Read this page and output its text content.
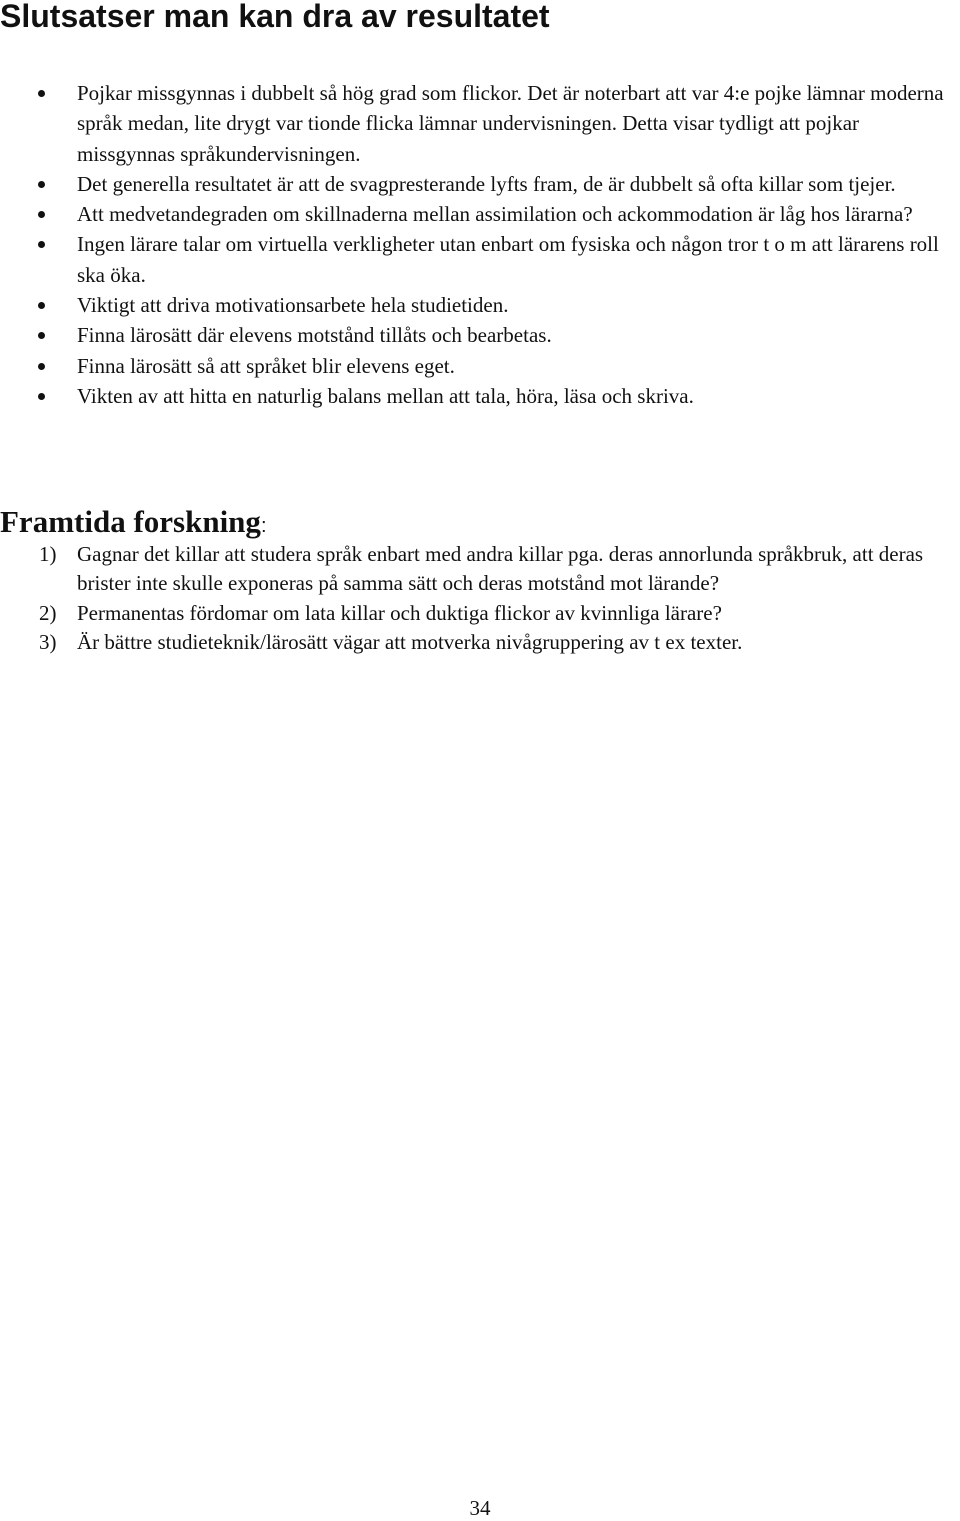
Slutsatser man kan dra av resultatet
Pojkar missgynnas i dubbelt så hög grad som flickor. Det är noterbart att var 4:e pojke lämnar moderna språk medan, lite drygt var tionde flicka lämnar undervisningen. Detta visar tydligt att pojkar missgynnas språkundervisningen.
Det generella resultatet är att de svagpresterande lyfts fram, de är dubbelt så ofta killar som tjejer.
Att medvetandegraden om skillnaderna mellan assimilation och ackommodation är låg hos lärarna?
Ingen lärare talar om virtuella verkligheter utan enbart om fysiska och någon tror t o m att lärarens roll ska öka.
Viktigt att driva motivationsarbete hela studietiden.
Finna lärosätt där elevens motstånd tillåts och bearbetas.
Finna lärosätt så att språket blir elevens eget.
Vikten av att hitta en naturlig balans mellan att tala, höra, läsa och skriva.
Framtida forskning:
1) Gagnar det killar att studera språk enbart med andra killar pga. deras annorlunda språkbruk, att deras brister inte skulle exponeras på samma sätt och deras motstånd mot lärande?
2) Permanentas fördomar om lata killar och duktiga flickor av kvinnliga lärare?
3) Är bättre studieteknik/lärosätt vägar att motverka nivågruppering av t ex texter.
34
